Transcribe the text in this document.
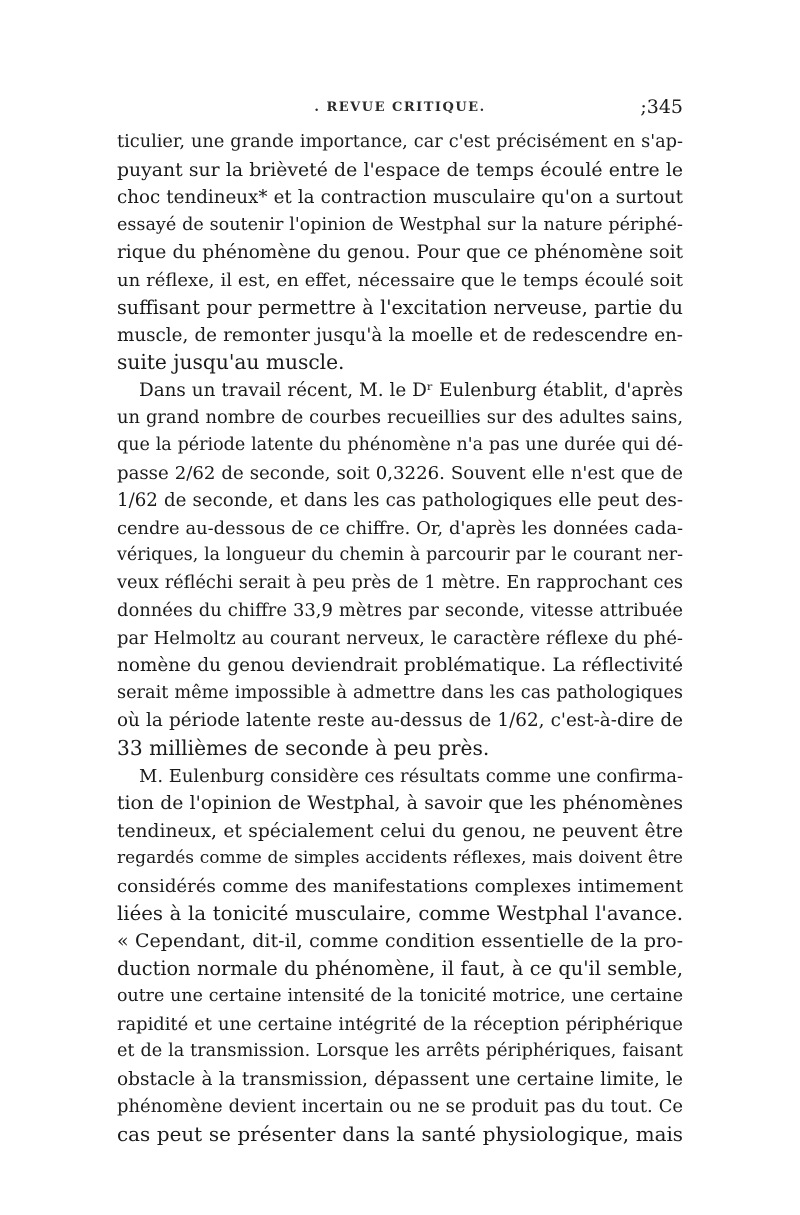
. REVUE CRITIQUE.	;345
ticulier, une grande importance, car c'est précisément en s'ap-
puyant sur la brièveté de l'espace de temps écoulé entre le
choc tendineux* et la contraction musculaire qu'on a surtout
essayé de soutenir l'opinion de Westphal sur la nature périphé-
rique du phénomène du genou. Pour que ce phénomène soit
un réflexe, il est, en effet, nécessaire que le temps écoulé soit
suffisant pour permettre à l'excitation nerveuse, partie du
muscle, de remonter jusqu'à la moelle et de redescendre en-
suite jusqu'au muscle.
Dans un travail récent, M. le Dʳ Eulenburg établit, d'après
un grand nombre de courbes recueillies sur des adultes sains,
que la période latente du phénomène n'a pas une durée qui dé-
passe 2/62 de seconde, soit 0,3226. Souvent elle n'est que de
1/62 de seconde, et dans les cas pathologiques elle peut des-
cendre au-dessous de ce chiffre. Or, d'après les données cada-
vériques, la longueur du chemin à parcourir par le courant ner-
veux réfléchi serait à peu près de 1 mètre. En rapprochant ces
données du chiffre 33,9 mètres par seconde, vitesse attribuée
par Helmoltz au courant nerveux, le caractère réflexe du phé-
nomène du genou deviendrait problématique. La réflectivité
serait même impossible à admettre dans les cas pathologiques
où la période latente reste au-dessus de 1/62, c'est-à-dire de
33 millièmes de seconde à peu près.
M. Eulenburg considère ces résultats comme une confirma-
tion de l'opinion de Westphal, à savoir que les phénomènes
tendineux, et spécialement celui du genou, ne peuvent être
regardés comme de simples accidents réflexes, mais doivent être
considérés comme des manifestations complexes intimement
liées à la tonicité musculaire, comme Westphal l'avance.
« Cependant, dit-il, comme condition essentielle de la pro-
duction normale du phénomène, il faut, à ce qu'il semble,
outre une certaine intensité de la tonicité motrice, une certaine
rapidité et une certaine intégrité de la réception périphérique
et de la transmission. Lorsque les arrêts périphériques, faisant
obstacle à la transmission, dépassent une certaine limite, le
phénomène devient incertain ou ne se produit pas du tout. Ce
cas peut se présenter dans la santé physiologique, mais
